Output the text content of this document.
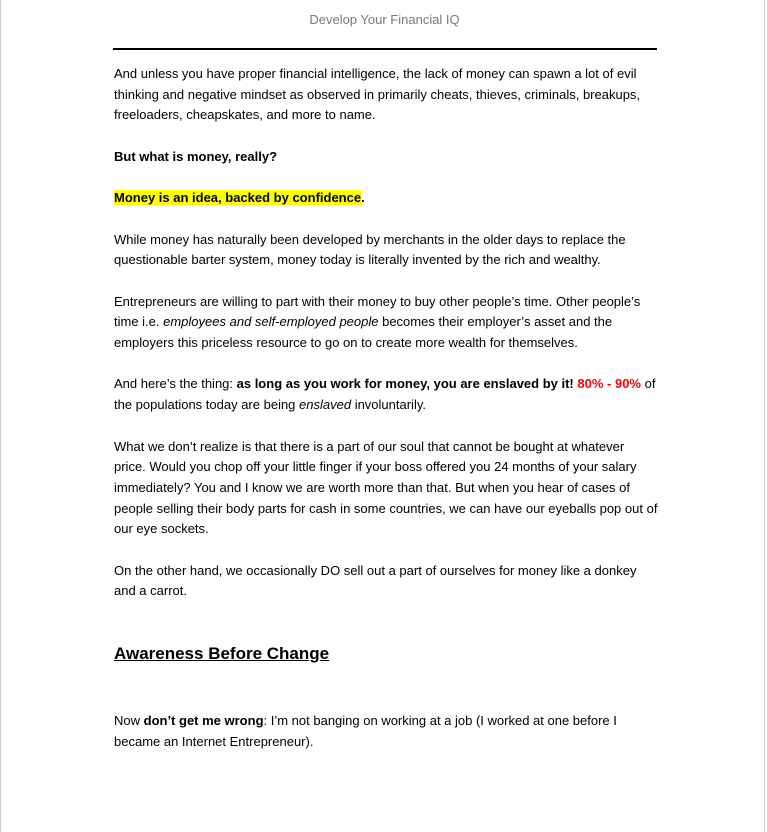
Develop Your Financial IQ

And unless you have proper financial intelligence, the lack of money can spawn a lot of evil thinking and negative mindset as observed in primarily cheats, thieves, criminals, breakups, freeloaders, cheapskates, and more to name.

But what is money, really?

Money is an idea, backed by confidence.

While money has naturally been developed by merchants in the older days to replace the questionable barter system, money today is literally invented by the rich and wealthy.

Entrepreneurs are willing to part with their money to buy other people’s time. Other people’s time i.e. employees and self-employed people becomes their employer’s asset and the employers this priceless resource to go on to create more wealth for themselves.

And here’s the thing: as long as you work for money, you are enslaved by it! 80% - 90% of the populations today are being enslaved involuntarily.

What we don’t realize is that there is a part of our soul that cannot be bought at whatever price. Would you chop off your little finger if your boss offered you 24 months of your salary immediately? You and I know we are worth more than that. But when you hear of cases of people selling their body parts for cash in some countries, we can have our eyeballs pop out of our eye sockets.

On the other hand, we occasionally DO sell out a part of ourselves for money like a donkey and a carrot.

Awareness Before Change

Now don’t get me wrong: I’m not banging on working at a job (I worked at one before I became an Internet Entrepreneur).
